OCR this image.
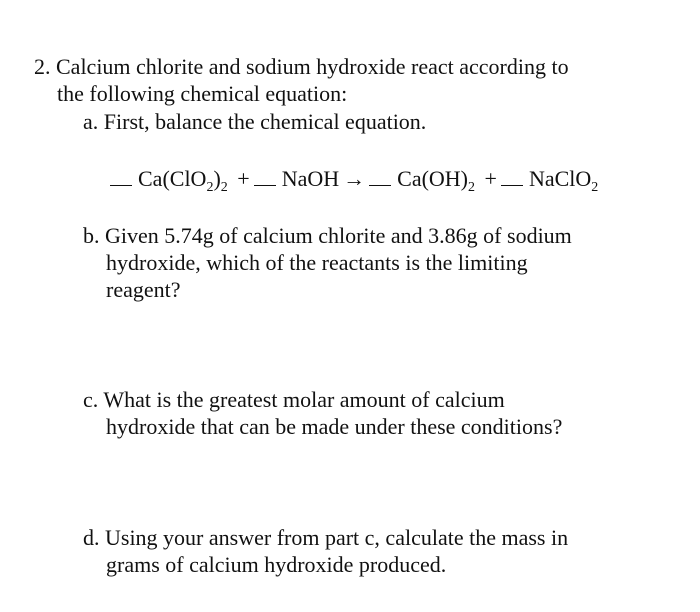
2. Calcium chlorite and sodium hydroxide react according to
the following chemical equation:
a. First, balance the chemical equation.
$Ca(ClO_2)_2$ + NaOH → $Ca(OH)_2$ + NaClO$_2$
b. Given 5.74g of calcium chlorite and 3.86g of sodium
hydroxide, which of the reactants is the limiting
reagent?
c. What is the greatest molar amount of calcium
hydroxide that can be made under these conditions?
d. Using your answer from part c, calculate the mass in
grams of calcium hydroxide produced.
